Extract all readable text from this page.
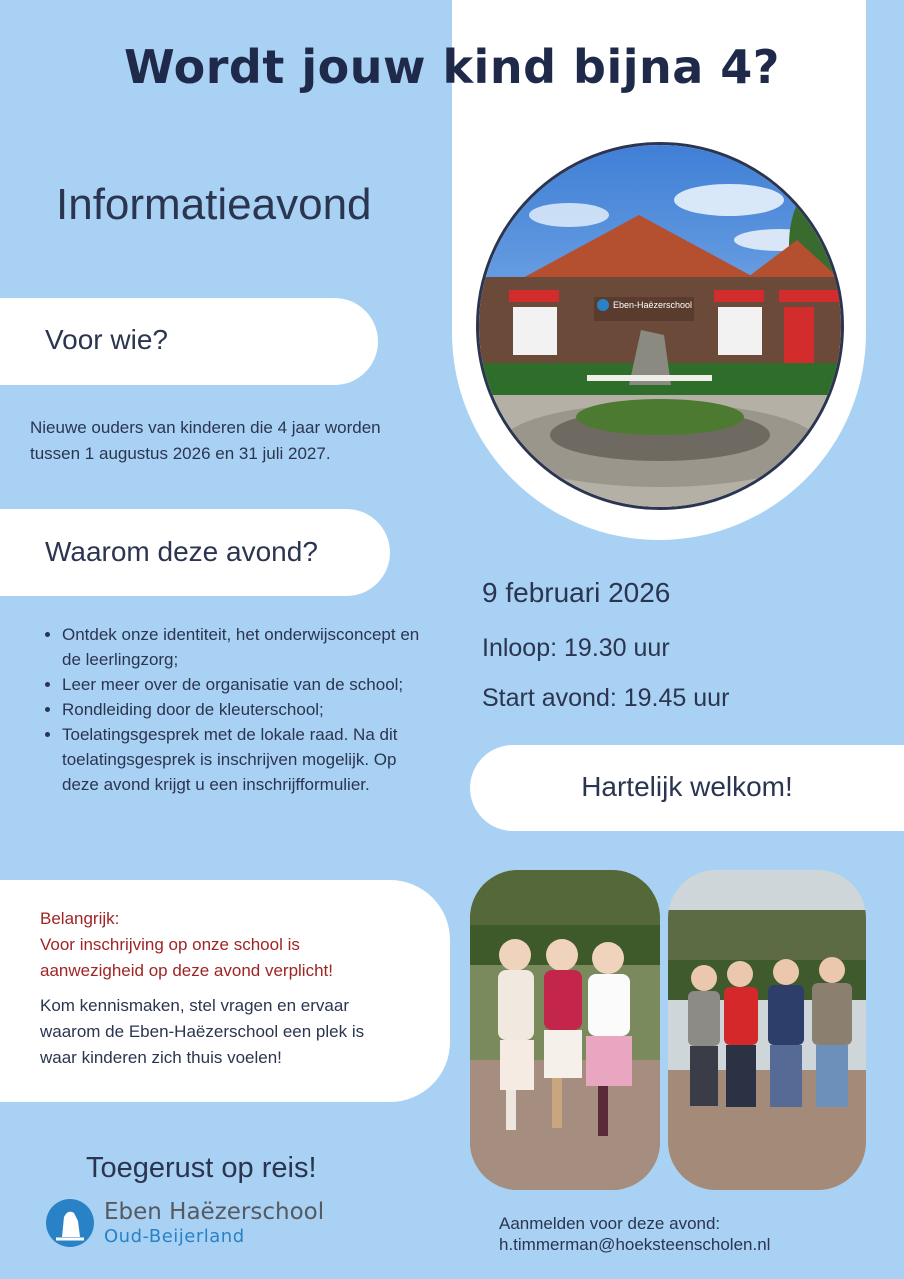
Wordt jouw kind bijna 4?
Informatieavond
Voor wie?
Nieuwe ouders van kinderen die 4 jaar worden tussen 1 augustus 2026 en 31 juli 2027.
Waarom deze avond?
• Ontdek onze identiteit, het onderwijsconcept en de leerlingzorg;
• Leer meer over de organisatie van de school;
• Rondleiding door de kleuterschool;
• Toelatingsgesprek met de lokale raad. Na dit toelatingsgesprek is inschrijven mogelijk. Op deze avond krijgt u een inschrijfformulier.
Eben-Haëzerschool
9 februari 2026
Inloop: 19.30 uur
Start avond: 19.45 uur
Hartelijk welkom!
Belangrijk:
Voor inschrijving op onze school is aanwezigheid op deze avond verplicht!
Kom kennismaken, stel vragen en ervaar waarom de Eben-Haëzerschool een plek is waar kinderen zich thuis voelen!
Toegerust op reis!
Eben Haëzerschool
Oud-Beijerland
Aanmelden voor deze avond:
h.timmerman@hoeksteenscholen.nl
